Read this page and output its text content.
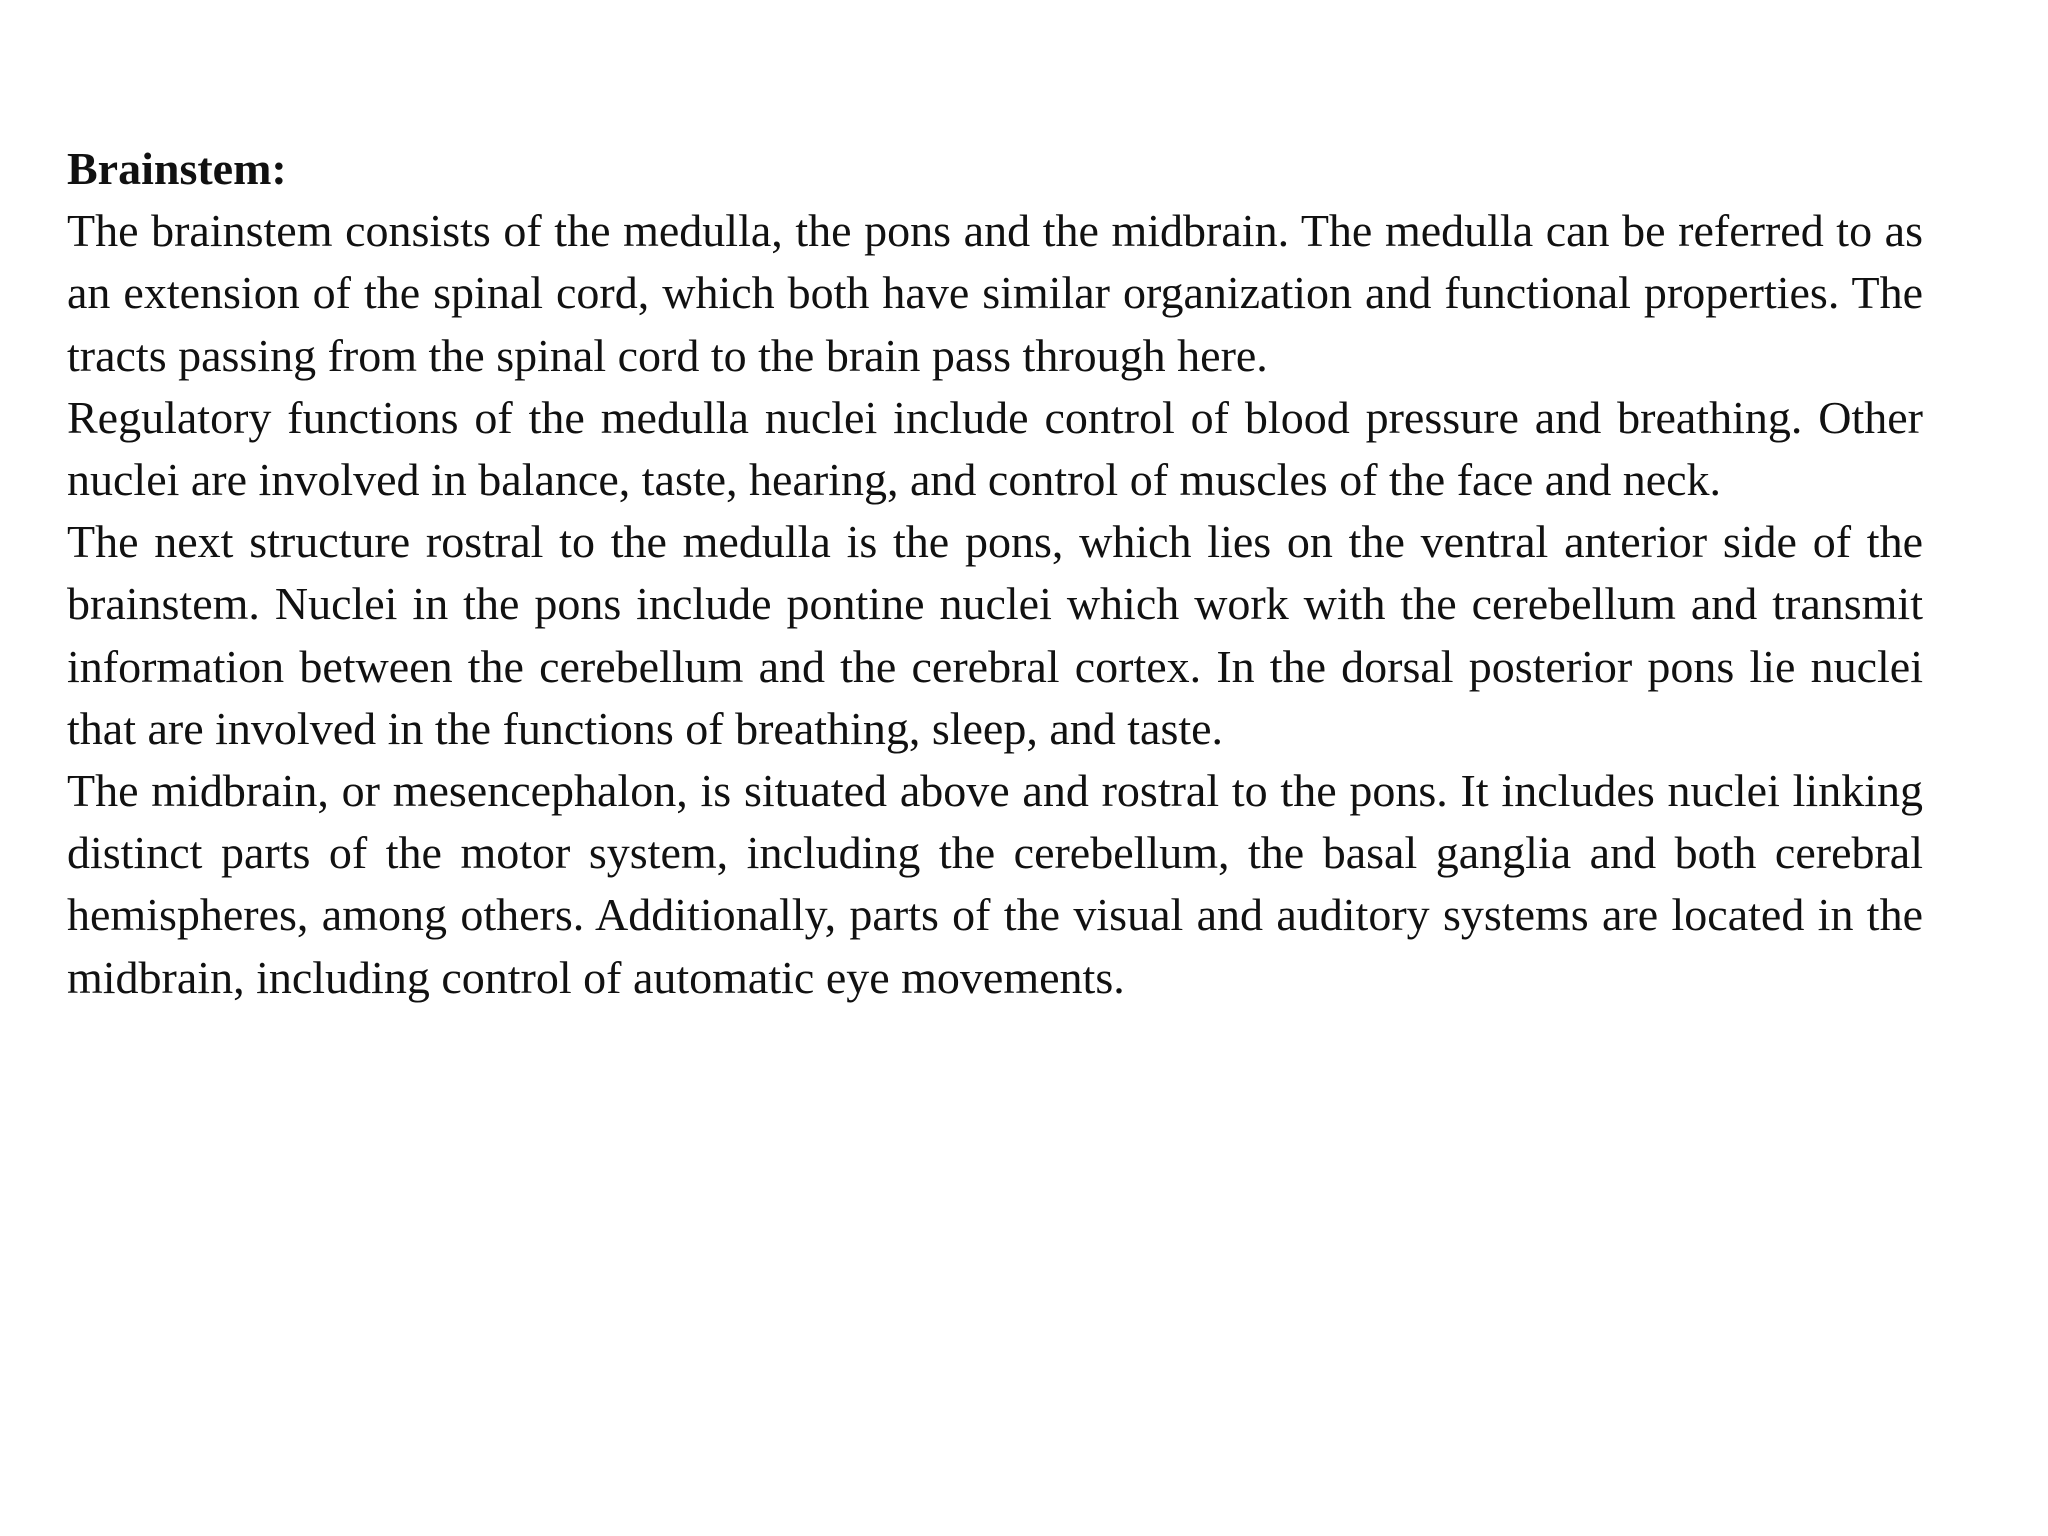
Brainstem:

The brainstem consists of the medulla, the pons and the midbrain. The medulla can be referred to as an extension of the spinal cord, which both have similar organization and functional properties. The tracts passing from the spinal cord to the brain pass through here.

Regulatory functions of the medulla nuclei include control of blood pressure and breathing. Other nuclei are involved in balance, taste, hearing, and control of muscles of the face and neck.

The next structure rostral to the medulla is the pons, which lies on the ventral anterior side of the brainstem. Nuclei in the pons include pontine nuclei which work with the cerebellum and transmit information between the cerebellum and the cerebral cortex. In the dorsal posterior pons lie nuclei that are involved in the functions of breathing, sleep, and taste.

The midbrain, or mesencephalon, is situated above and rostral to the pons. It includes nuclei linking distinct parts of the motor system, including the cerebellum, the basal ganglia and both cerebral hemispheres, among others. Additionally, parts of the visual and auditory systems are located in the midbrain, including control of automatic eye movements.
